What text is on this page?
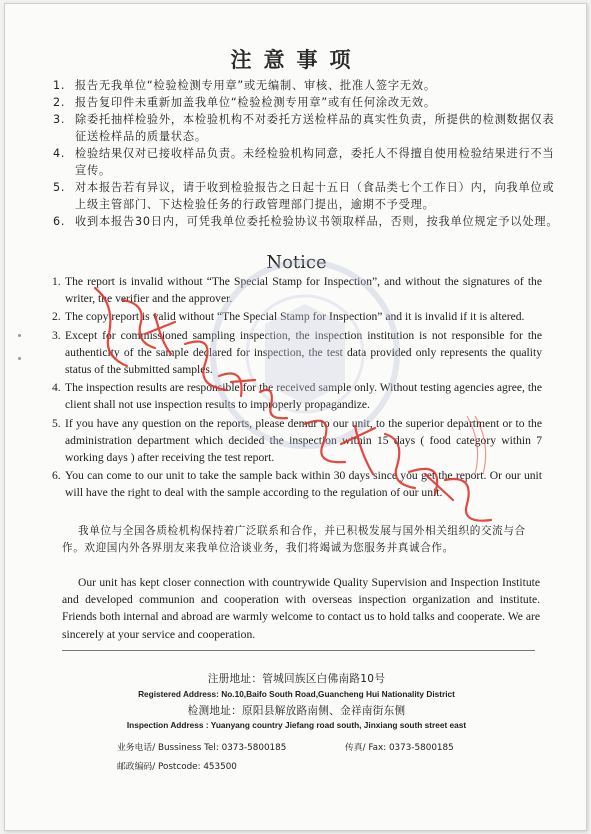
注意事项
1. 报告无我单位“检验检测专用章”或无编制、审核、批准人签字无效。
2. 报告复印件未重新加盖我单位“检验检测专用章”或有任何涂改无效。
3. 除委托抽样检验外，本检验机构不对委托方送检样品的真实性负责，所提供的检测数据仅表征送检样品的质量状态。
4. 检验结果仅对已接收样品负责。未经检验机构同意，委托人不得擅自使用检验结果进行不当宣传。
5. 对本报告若有异议，请于收到检验报告之日起十五日（食品类七个工作日）内，向我单位或上级主管部门、下达检验任务的行政管理部门提出，逾期不予受理。
6. 收到本报告30日内，可凭我单位委托检验协议书领取样品，否则，按我单位规定予以处理。
Notice
1. The report is invalid without “The Special Stamp for Inspection”, and without the signatures of the writer, the verifier and the approver.
2. The copy report is valid without “The Special Stamp for Inspection” and it is invalid if it is altered.
3. Except for commissioned sampling inspection, the inspection institution is not responsible for the authenticity of the sample declared for inspection, the test data provided only represents the quality status of the submitted samples.
4. The inspection results are responsible for the received sample only. Without testing agencies agree, the client shall not use inspection results to improperly propagandize.
5. If you have any question on the reports, please demur to our unit, to the superior department or to the administration department which decided the inspection within 15 days ( food category within 7 working days ) after receiving the test report.
6. You can come to our unit to take the sample back within 30 days since you get the report. Or our unit will have the right to deal with the sample according to the regulation of our unit.
我单位与全国各质检机构保持着广泛联系和合作，并已积极发展与国外相关组织的交流与合作。欢迎国内外各界朋友来我单位洽谈业务，我们将竭诚为您服务并真诚合作。
Our unit has kept closer connection with countrywide Quality Supervision and Inspection Institute and developed communion and cooperation with overseas inspection organization and institute. Friends both internal and abroad are warmly welcome to contact us to hold talks and cooperate. We are sincerely at your service and cooperation.
注册地址：管城回族区白佛南路10号
Registered Address: No.10,Baifo South Road,Guancheng Hui Nationality District
检测地址：原阳县解放路南侧、金祥南街东侧
Inspection Address : Yuanyang country Jiefang road south, Jinxiang south street east
业务电话/ Bussiness Tel: 0373-5800185	传真/ Fax: 0373-5800185
邮政编码/ Postcode: 453500
